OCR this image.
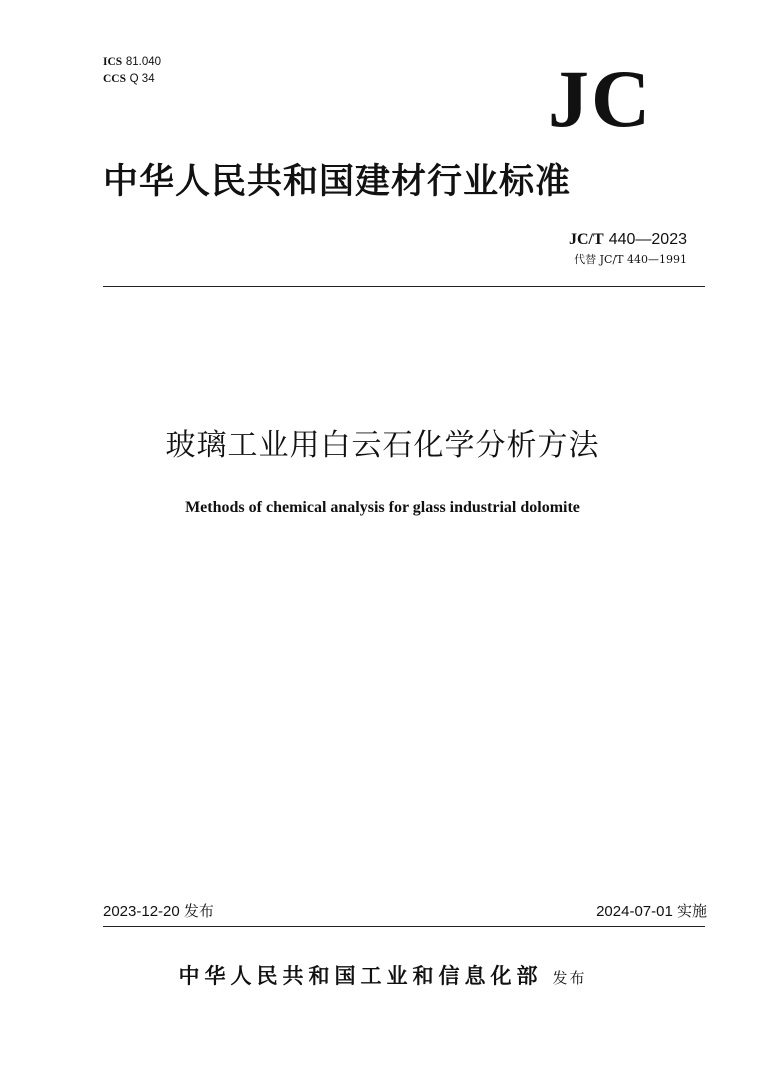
ICS 81.040
CCS Q 34	JC
中华人民共和国建材行业标准
JC/T 440—2023
代替 JC/T 440—1991
玻璃工业用白云石化学分析方法
Methods of chemical analysis for glass industrial dolomite
2023-12-20 发布	2024-07-01 实施
中华人民共和国工业和信息化部 发布
